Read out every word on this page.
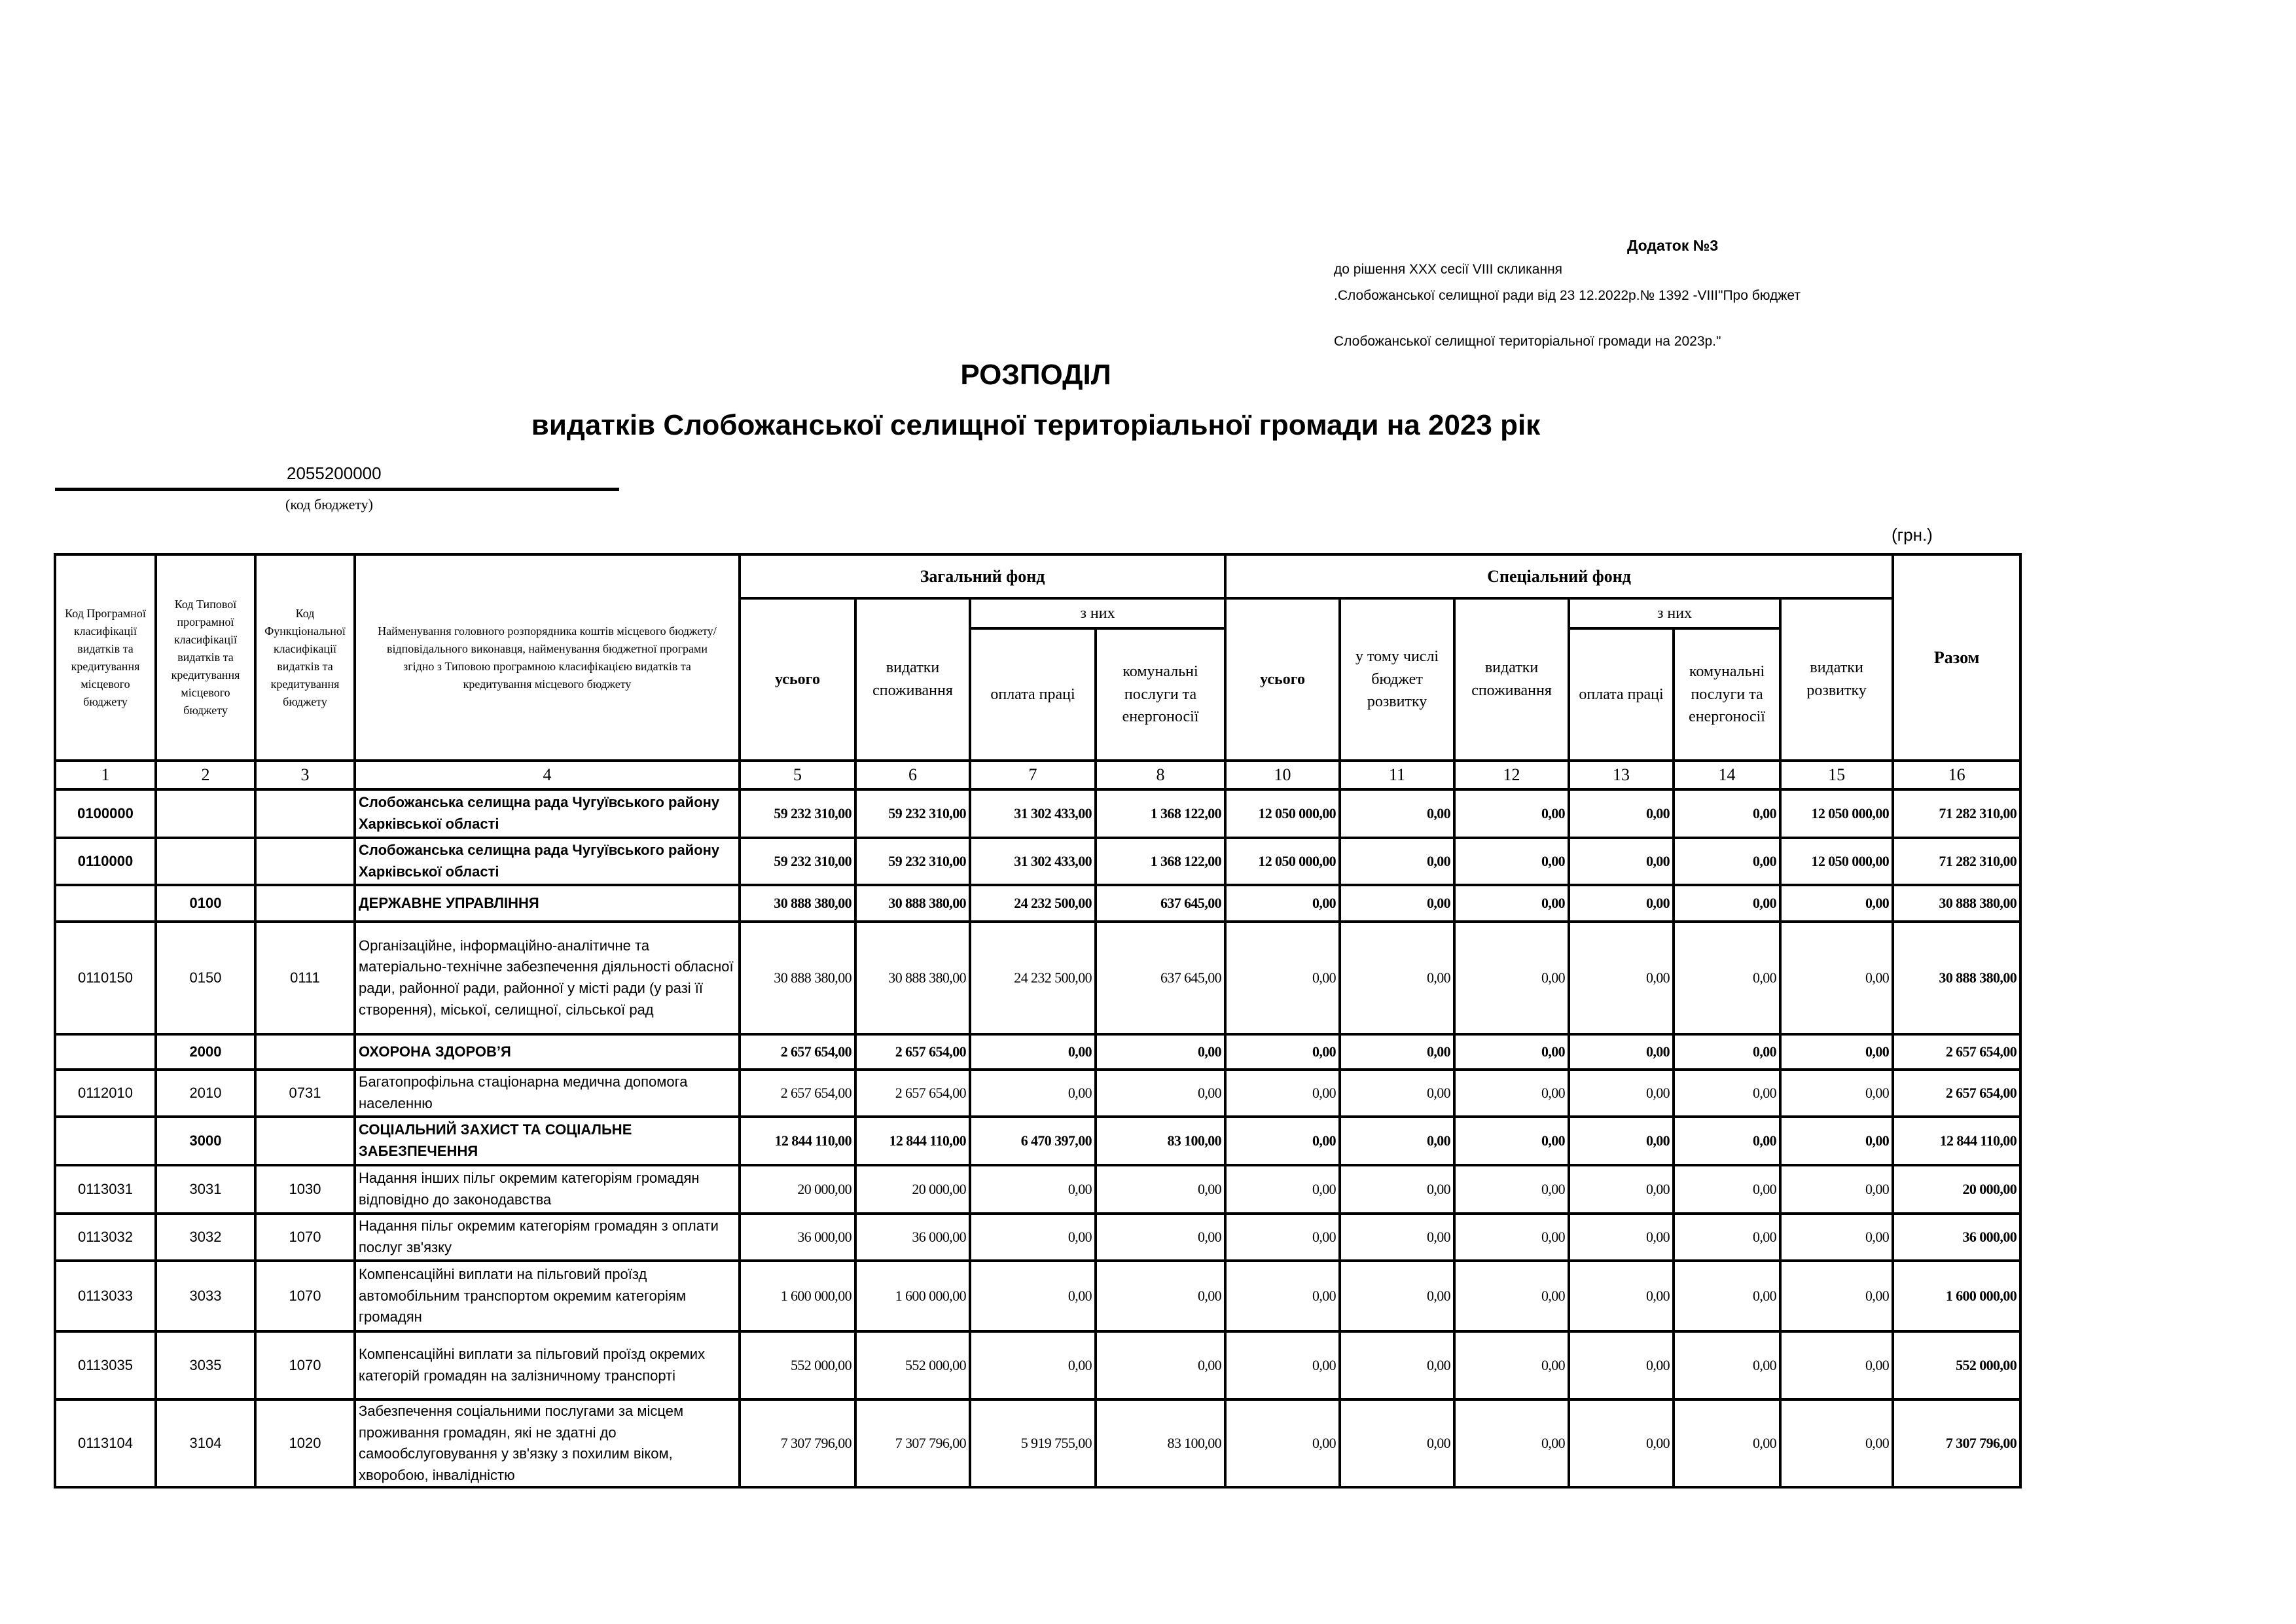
Додаток №3
до рішення XXX сесії VIII скликання
.Слобожанської селищної ради від 23 12.2022р.№ 1392 -VIII"Про бюджет
Слобожанської селищної територіальної громади на 2023р."
РОЗПОДІЛ
видатків Слобожанської селищної територіальної громади на 2023 рік
2055200000
(код бюджету)
(грн.)
Код Програмної класифікації видатків та кредитування місцевого бюджету	Код Типової програмної класифікації видатків та кредитування місцевого бюджету	Код Функціональної класифікації видатків та кредитування бюджету	Найменування головного розпорядника коштів місцевого бюджету/ відповідального виконавця, найменування бюджетної програми згідно з Типовою програмною класифікацією видатків та кредитування місцевого бюджету	Загальний фонд				Спеціальний фонд						Разом
				усього	видатки споживання	з них		усього	у тому числі бюджет розвитку	видатки споживання	з них		видатки розвитку	
						оплата праці	комунальні послуги та енергоносії				оплата праці	комунальні послуги та енергоносії		
1	2	3	4	5	6	7	8	10	11	12	13	14	15	16
0100000			Слобожанська селищна рада Чугуївського району Харківської області	59 232 310,00	59 232 310,00	31 302 433,00	1 368 122,00	12 050 000,00	0,00	0,00	0,00	0,00	12 050 000,00	71 282 310,00
0110000			Слобожанська селищна рада Чугуївського району Харківської області	59 232 310,00	59 232 310,00	31 302 433,00	1 368 122,00	12 050 000,00	0,00	0,00	0,00	0,00	12 050 000,00	71 282 310,00
	0100		ДЕРЖАВНЕ УПРАВЛІННЯ	30 888 380,00	30 888 380,00	24 232 500,00	637 645,00	0,00	0,00	0,00	0,00	0,00	0,00	30 888 380,00
0110150	0150	0111	Організаційне, інформаційно-аналітичне та матеріально-технічне забезпечення діяльності обласної ради, районної ради, районної у місті ради (у разі її створення), міської, селищної, сільської рад	30 888 380,00	30 888 380,00	24 232 500,00	637 645,00	0,00	0,00	0,00	0,00	0,00	0,00	30 888 380,00
	2000		ОХОРОНА ЗДОРОВ’Я	2 657 654,00	2 657 654,00	0,00	0,00	0,00	0,00	0,00	0,00	0,00	0,00	2 657 654,00
0112010	2010	0731	Багатопрофільна стаціонарна медична допомога населенню	2 657 654,00	2 657 654,00	0,00	0,00	0,00	0,00	0,00	0,00	0,00	0,00	2 657 654,00
	3000		СОЦІАЛЬНИЙ ЗАХИСТ ТА СОЦІАЛЬНЕ ЗАБЕЗПЕЧЕННЯ	12 844 110,00	12 844 110,00	6 470 397,00	83 100,00	0,00	0,00	0,00	0,00	0,00	0,00	12 844 110,00
0113031	3031	1030	Надання інших пільг окремим категоріям громадян відповідно до законодавства	20 000,00	20 000,00	0,00	0,00	0,00	0,00	0,00	0,00	0,00	0,00	20 000,00
0113032	3032	1070	Надання пільг окремим категоріям громадян з оплати послуг зв'язку	36 000,00	36 000,00	0,00	0,00	0,00	0,00	0,00	0,00	0,00	0,00	36 000,00
0113033	3033	1070	Компенсаційні виплати на пільговий проїзд автомобільним транспортом окремим категоріям громадян	1 600 000,00	1 600 000,00	0,00	0,00	0,00	0,00	0,00	0,00	0,00	0,00	1 600 000,00
0113035	3035	1070	Компенсаційні виплати за пільговий проїзд окремих категорій громадян на залізничному транспорті	552 000,00	552 000,00	0,00	0,00	0,00	0,00	0,00	0,00	0,00	0,00	552 000,00
0113104	3104	1020	Забезпечення соціальними послугами за місцем проживання громадян, які не здатні до самообслуговування у зв'язку з похилим віком, хворобою, інвалідністю	7 307 796,00	7 307 796,00	5 919 755,00	83 100,00	0,00	0,00	0,00	0,00	0,00	0,00	7 307 796,00
